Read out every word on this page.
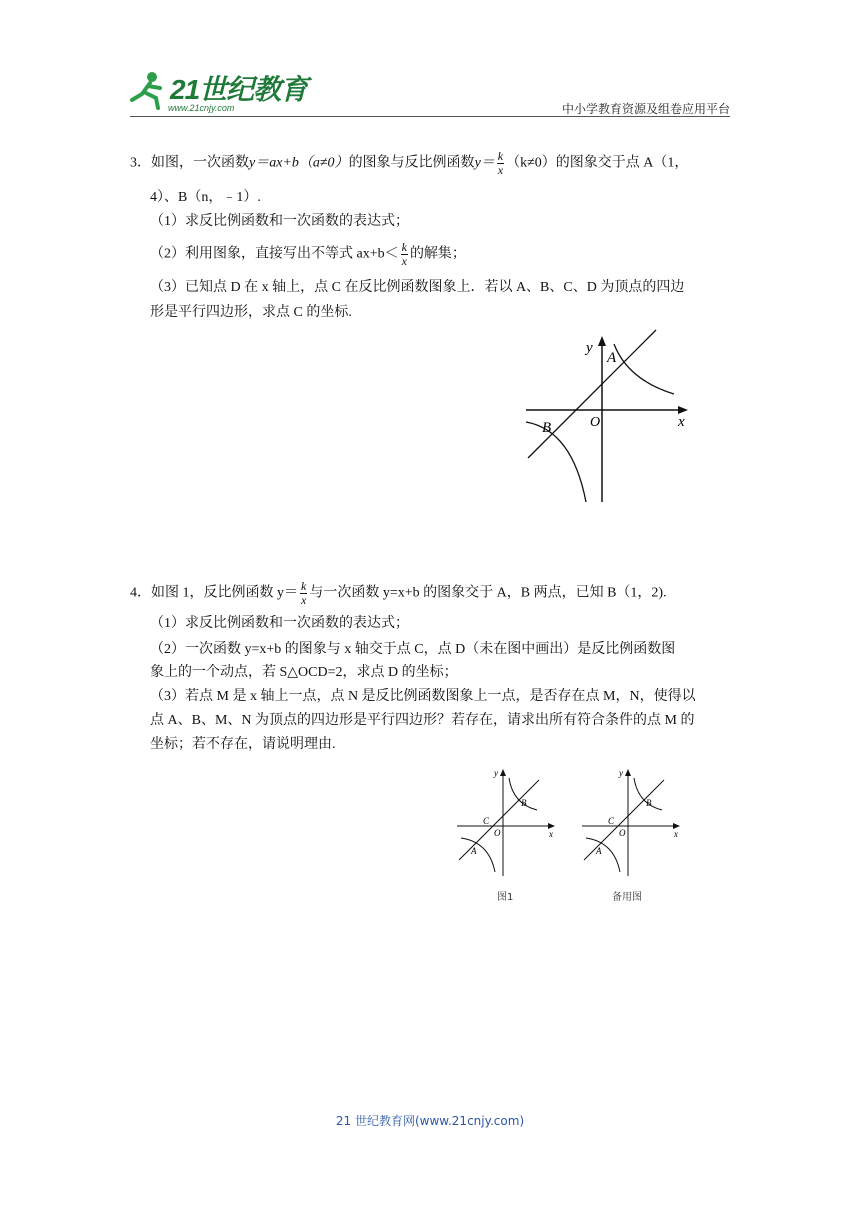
21世纪教育
www.21cnjy.com	中小学教育资源及组卷应用平台
3．如图，一次函数y＝ax+b（a≠0）的图象与反比例函数$y= \frac{k}{x} (k\ne 0)$的图象交于点 A（1，
4）、B（n，﹣1）.
（1）求反比例函数和一次函数的表达式；
（2）利用图象，直接写出不等式 $ax+b< \frac{k}{x}$ 的解集；
（3）已知点 D 在 x 轴上，点 C 在反比例函数图象上．若以 A、B、C、D 为顶点的四边
形是平行四边形，求点 C 的坐标.
y
x
O
A
B
4．如图 1，反比例函数 $y= \frac{k}{x}$ 与一次函数 y=x+b 的图象交于 A，B 两点，已知 B（1，2).
（1）求反比例函数和一次函数的表达式；
（2）一次函数 y=x+b 的图象与 x 轴交于点 C，点 D（未在图中画出）是反比例函数图
象上的一个动点，若 S△OCD=2，求点 D 的坐标；
（3）若点 M 是 x 轴上一点，点 N 是反比例函数图象上一点，是否存在点 M，N，使得以
点 A、B、M、N 为顶点的四边形是平行四边形？若存在，请求出所有符合条件的点 M 的
坐标；若不存在，请说明理由.
y
x
O
C
B
A
图1
y
x
O
C
B
A
备用图
21 世纪教育网(www.21cnjy.com)
